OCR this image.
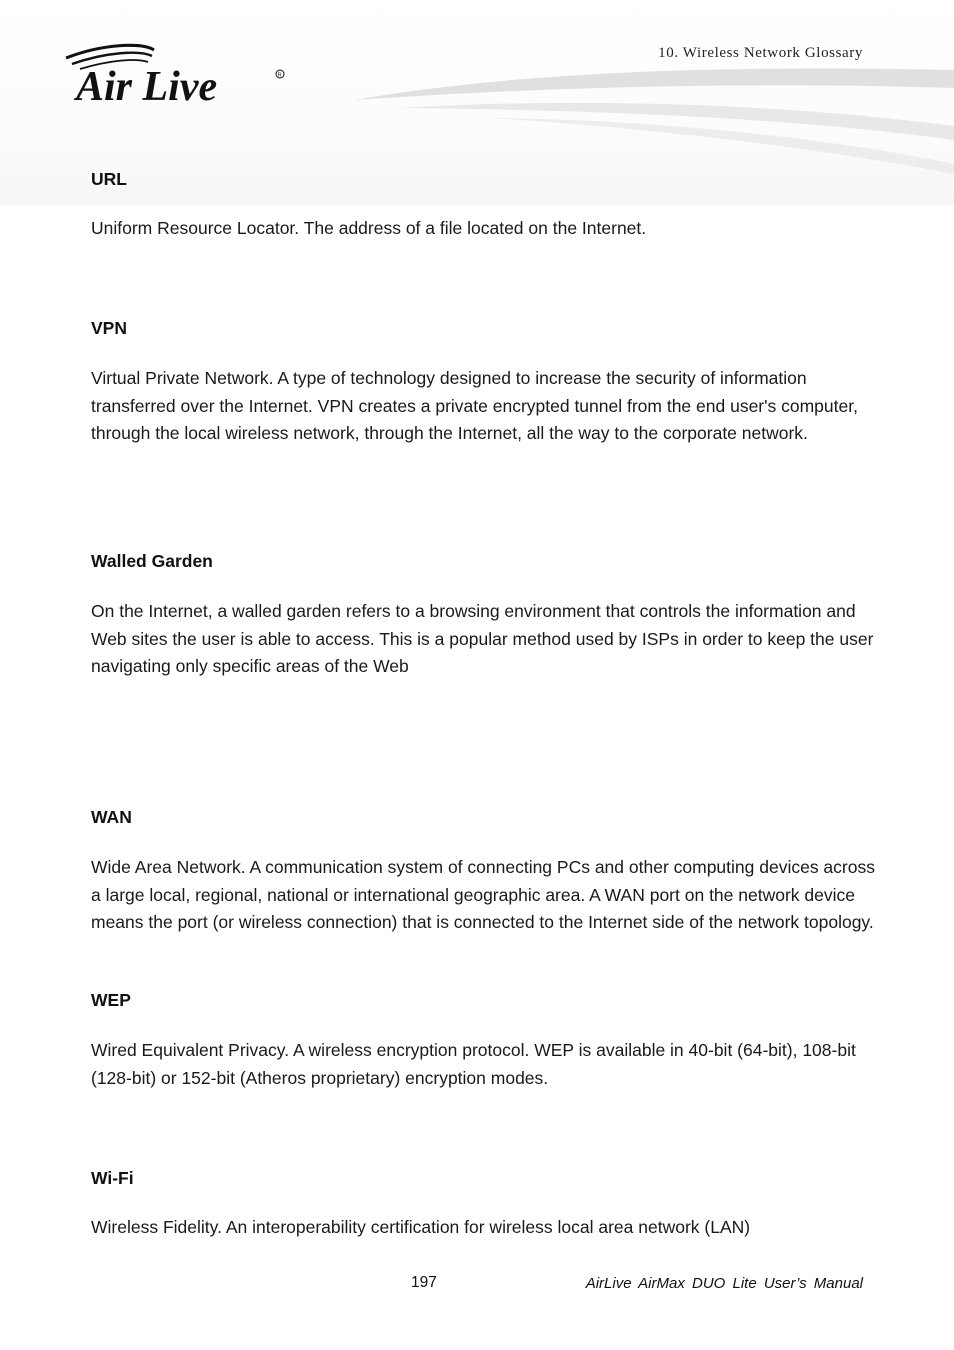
Air Live	R
10. Wireless Network Glossary
URL
Uniform Resource Locator. The address of a file located on the Internet.
VPN
Virtual Private Network. A type of technology designed to increase the security of information transferred over the Internet. VPN creates a private encrypted tunnel from the end user's computer, through the local wireless network, through the Internet, all the way to the corporate network.
Walled Garden
On the Internet, a walled garden refers to a browsing environment that controls the information and Web sites the user is able to access. This is a popular method used by ISPs in order to keep the user navigating only specific areas of the Web
WAN
Wide Area Network. A communication system of connecting PCs and other computing devices across a large local, regional, national or international geographic area. A WAN port on the network device means the port (or wireless connection) that is connected to the Internet side of the network topology.
WEP
Wired Equivalent Privacy. A wireless encryption protocol. WEP is available in 40-bit (64-bit), 108-bit (128-bit) or 152-bit (Atheros proprietary) encryption modes.
Wi-Fi
Wireless Fidelity. An interoperability certification for wireless local area network (LAN)
197	AirLive AirMax DUO Lite User’s Manual
